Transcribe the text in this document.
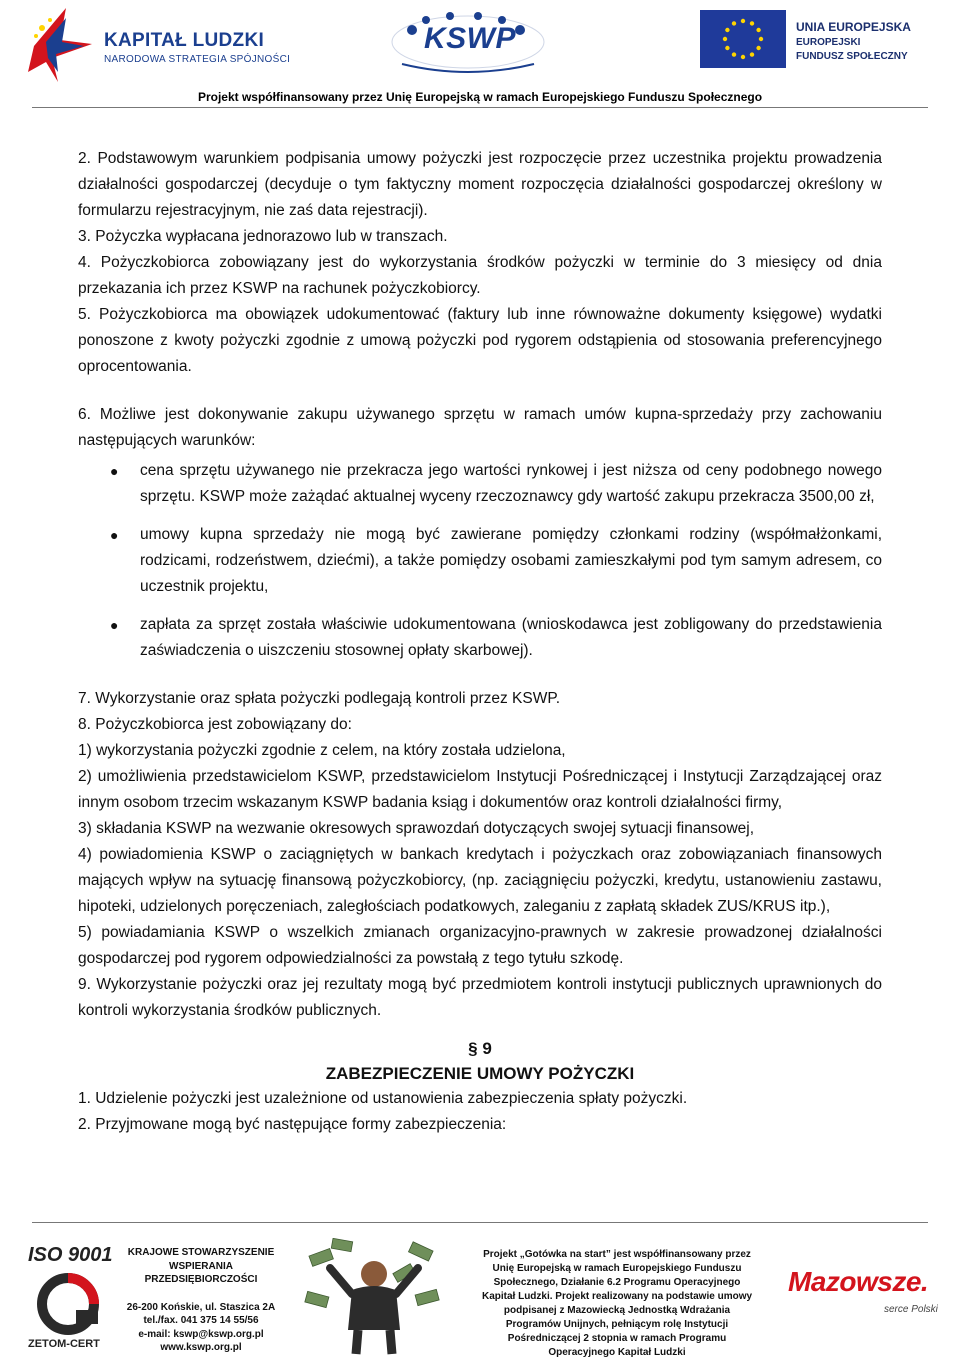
KAPITAŁ LUDZKI
NARODOWA STRATEGIA SPÓJNOŚCI
KSWP	UNIA EUROPEJSKA
EUROPEJSKI
FUNDUSZ SPOŁECZNY
Projekt współfinansowany przez Unię Europejską w ramach Europejskiego Funduszu Społecznego

2. Podstawowym warunkiem podpisania umowy pożyczki jest rozpoczęcie przez uczestnika projektu prowadzenia działalności gospodarczej (decyduje o tym faktyczny moment rozpoczęcia działalności gospodarczej określony w formularzu rejestracyjnym, nie zaś data rejestracji).

3. Pożyczka wypłacana jednorazowo lub w transzach.

4. Pożyczkobiorca zobowiązany jest do wykorzystania środków pożyczki w terminie do 3 miesięcy od dnia przekazania ich przez KSWP na rachunek pożyczkobiorcy.

5. Pożyczkobiorca ma obowiązek udokumentować (faktury lub inne równoważne dokumenty księgowe) wydatki ponoszone z kwoty pożyczki zgodnie z umową pożyczki pod rygorem odstąpienia od stosowania preferencyjnego oprocentowania.

6. Możliwe jest dokonywanie zakupu używanego sprzętu w ramach umów kupna-sprzedaży przy zachowaniu następujących warunków:

● cena sprzętu używanego nie przekracza jego wartości rynkowej i jest niższa od ceny podobnego nowego sprzętu. KSWP może zażądać aktualnej wyceny rzeczoznawcy gdy wartość zakupu przekracza 3500,00 zł,
● umowy kupna sprzedaży nie mogą być zawierane pomiędzy członkami rodziny (współmałżonkami, rodzicami, rodzeństwem, dziećmi), a także pomiędzy osobami zamieszkałymi pod tym samym adresem, co uczestnik projektu,
● zapłata za sprzęt została właściwie udokumentowana (wnioskodawca jest zobligowany do przedstawienia zaświadczenia o uiszczeniu stosownej opłaty skarbowej).

7. Wykorzystanie oraz spłata pożyczki podlegają kontroli przez KSWP.

8. Pożyczkobiorca jest zobowiązany do:

1) wykorzystania pożyczki zgodnie z celem, na który została udzielona,

2) umożliwienia przedstawicielom KSWP, przedstawicielom Instytucji Pośredniczącej i Instytucji Zarządzającej oraz innym osobom trzecim wskazanym KSWP badania ksiąg i dokumentów oraz kontroli działalności firmy,

3) składania KSWP na wezwanie okresowych sprawozdań dotyczących swojej sytuacji finansowej,

4) powiadomienia KSWP o zaciągniętych w bankach kredytach i pożyczkach oraz zobowiązaniach finansowych mających wpływ na sytuację finansową pożyczkobiorcy, (np. zaciągnięciu pożyczki, kredytu, ustanowieniu zastawu, hipoteki, udzielonych poręczeniach, zaległościach podatkowych, zaleganiu z zapłatą składek ZUS/KRUS itp.),

5) powiadamiania KSWP o wszelkich zmianach organizacyjno-prawnych w zakresie prowadzonej działalności gospodarczej pod rygorem odpowiedzialności za powstałą z tego tytułu szkodę.

9. Wykorzystanie pożyczki oraz jej rezultaty mogą być przedmiotem kontroli instytucji publicznych uprawnionych do kontroli wykorzystania środków publicznych.

§ 9
ZABEZPIECZENIE UMOWY POŻYCZKI

1. Udzielenie pożyczki jest uzależnione od ustanowienia zabezpieczenia spłaty pożyczki.

2. Przyjmowane mogą być następujące formy zabezpieczenia:

ISO 9001
ZETOM-CERT
KRAJOWE STOWARZYSZENIE
WSPIERANIA
PRZEDSIĘBIORCZOŚCI
26-200 Końskie, ul. Staszica 2A
tel./fax. 041 375 14 55/56
e-mail: kswp@kswp.org.pl
www.kswp.org.pl
Projekt „Gotówka na start” jest współfinansowany przez
Unię Europejską w ramach Europejskiego Funduszu
Społecznego, Działanie 6.2 Programu Operacyjnego
Kapitał Ludzki. Projekt realizowany na podstawie umowy
podpisanej z Mazowiecką Jednostką Wdrażania
Programów Unijnych, pełniącym rolę Instytucji
Pośredniczącej 2 stopnia w ramach Programu
Operacyjnego Kapitał Ludzki
Mazowsze.
serce Polski
